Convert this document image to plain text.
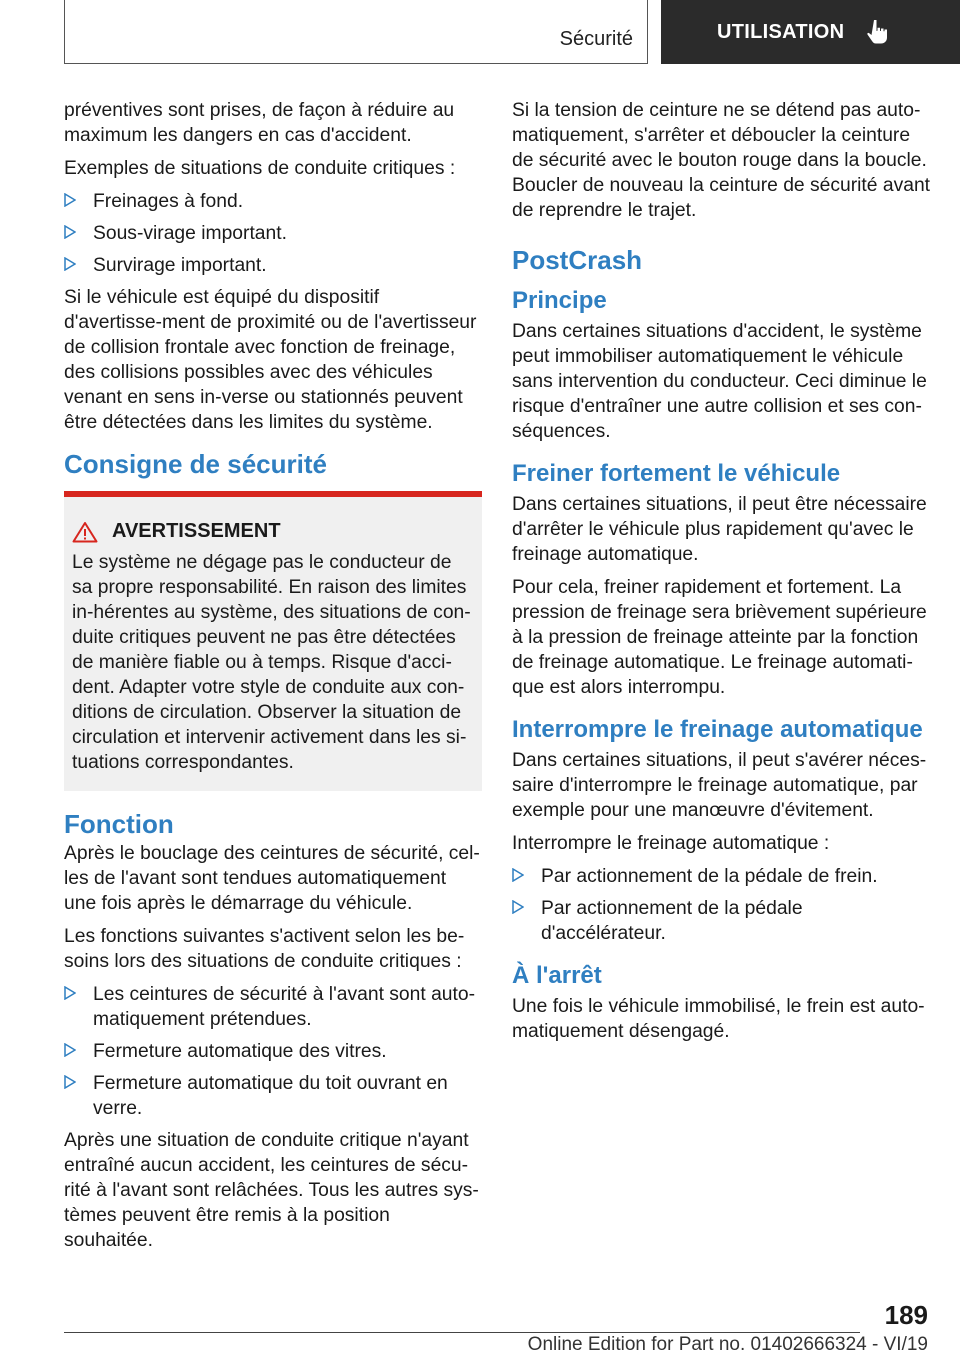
Sécurité	UTILISATION

préventives sont prises, de façon à réduire au maximum les dangers en cas d'accident.

Exemples de situations de conduite critiques :

Freinages à fond.
Sous-virage important.
Survirage important.

Si le véhicule est équipé du dispositif d'avertisse-ment de proximité ou de l'avertisseur de collision frontale avec fonction de freinage, des collisions possibles avec des véhicules venant en sens in-verse ou stationnés peuvent être détectées dans les limites du système.

Consigne de sécurité
AVERTISSEMENT

Le système ne dégage pas le conducteur de sa propre responsabilité. En raison des limites in-hérentes au système, des situations de con-duite critiques peuvent ne pas être détectées de manière fiable ou à temps. Risque d'acci-dent. Adapter votre style de conduite aux con-ditions de circulation. Observer la situation de circulation et intervenir activement dans les si-tuations correspondantes.

Fonction

Après le bouclage des ceintures de sécurité, cel-les de l'avant sont tendues automatiquement une fois après le démarrage du véhicule.

Les fonctions suivantes s'activent selon les be-soins lors des situations de conduite critiques :

Les ceintures de sécurité à l'avant sont auto-matiquement prétendues.
Fermeture automatique des vitres.
Fermeture automatique du toit ouvrant en verre.

Après une situation de conduite critique n'ayant entraîné aucun accident, les ceintures de sécu-rité à l'avant sont relâchées. Tous les autres sys-tèmes peuvent être remis à la position souhaitée.

Si la tension de ceinture ne se détend pas auto-matiquement, s'arrêter et déboucler la ceinture de sécurité avec le bouton rouge dans la boucle. Boucler de nouveau la ceinture de sécurité avant de reprendre le trajet.

PostCrash
Principe

Dans certaines situations d'accident, le système peut immobiliser automatiquement le véhicule sans intervention du conducteur. Ceci diminue le risque d'entraîner une autre collision et ses con-séquences.

Freiner fortement le véhicule

Dans certaines situations, il peut être nécessaire d'arrêter le véhicule plus rapidement qu'avec le freinage automatique.

Pour cela, freiner rapidement et fortement. La pression de freinage sera brièvement supérieure à la pression de freinage atteinte par la fonction de freinage automatique. Le freinage automati-que est alors interrompu.

Interrompre le freinage automatique

Dans certaines situations, il peut s'avérer néces-saire d'interrompre le freinage automatique, par exemple pour une manœuvre d'évitement.

Interrompre le freinage automatique :

Par actionnement de la pédale de frein.
Par actionnement de la pédale d'accélérateur.
À l'arrêt

Une fois le véhicule immobilisé, le frein est auto-matiquement désengagé.

189
Online Edition for Part no. 01402666324 - VI/19
